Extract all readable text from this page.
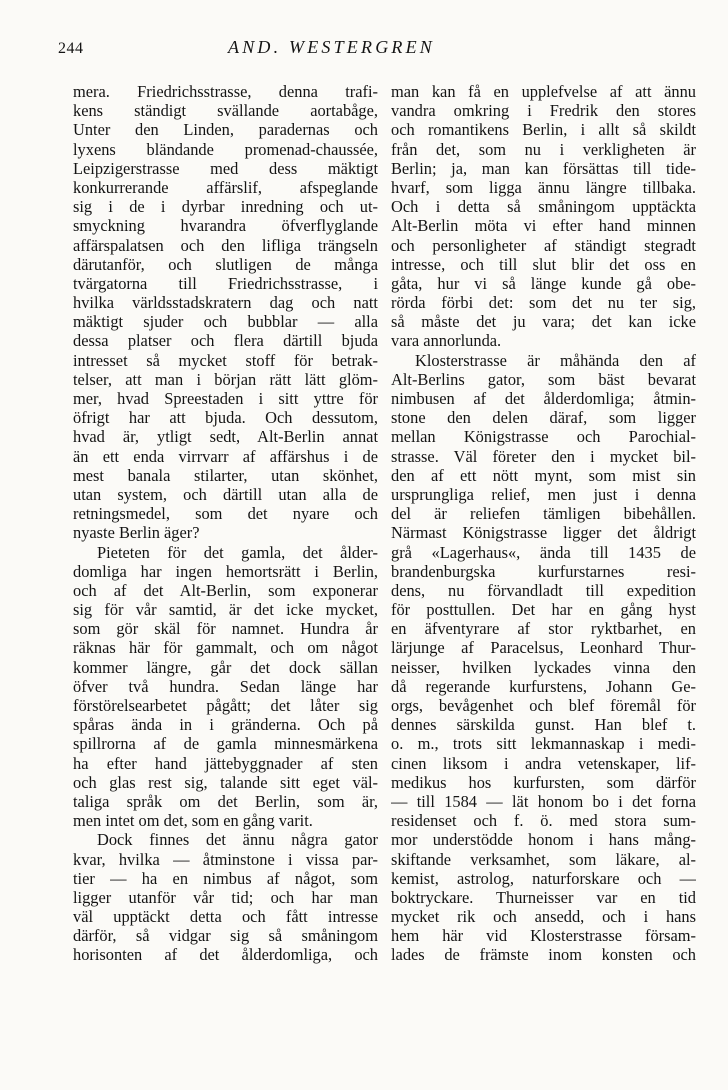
244	AND. WESTERGREN
mera. Friedrichsstrasse, denna trafi-
kens ständigt svällande aortabåge,
Unter den Linden, paradernas och
lyxens bländande promenad-chaussée,
Leipzigerstrasse med dess mäktigt
konkurrerande affärslif, afspeglande
sig i de i dyrbar inredning och ut-
smyckning hvarandra öfverflyglande
affärspalatsen och den lifliga trängseln
därutanför, och slutligen de många
tvärgatorna till Friedrichsstrasse, i
hvilka världsstadskratern dag och natt
mäktigt sjuder och bubblar — alla
dessa platser och flera därtill bjuda
intresset så mycket stoff för betrak-
telser, att man i början rätt lätt glöm-
mer, hvad Spreestaden i sitt yttre för
öfrigt har att bjuda. Och dessutom,
hvad är, ytligt sedt, Alt-Berlin annat
än ett enda virrvarr af affärshus i de
mest banala stilarter, utan skönhet,
utan system, och därtill utan alla de
retningsmedel, som det nyare och
nyaste Berlin äger?
Pieteten för det gamla, det ålder-
domliga har ingen hemortsrätt i Berlin,
och af det Alt-Berlin, som exponerar
sig för vår samtid, är det icke mycket,
som gör skäl för namnet. Hundra år
räknas här för gammalt, och om något
kommer längre, går det dock sällan
öfver två hundra. Sedan länge har
förstörelsearbetet pågått; det låter sig
spåras ända in i gränderna. Och på
spillrorna af de gamla minnesmärkena
ha efter hand jättebyggnader af sten
och glas rest sig, talande sitt eget väl-
taliga språk om det Berlin, som är,
men intet om det, som en gång varit.
Dock finnes det ännu några gator
kvar, hvilka — åtminstone i vissa par-
tier — ha en nimbus af något, som
ligger utanför vår tid; och har man
väl upptäckt detta och fått intresse
därför, så vidgar sig så småningom
horisonten af det ålderdomliga, och
man kan få en upplefvelse af att ännu
vandra omkring i Fredrik den stores
och romantikens Berlin, i allt så skildt
från det, som nu i verkligheten är
Berlin; ja, man kan försättas till tide-
hvarf, som ligga ännu längre tillbaka.
Och i detta så småningom upptäckta
Alt-Berlin möta vi efter hand minnen
och personligheter af ständigt stegradt
intresse, och till slut blir det oss en
gåta, hur vi så länge kunde gå obe-
rörda förbi det: som det nu ter sig,
så måste det ju vara; det kan icke
vara annorlunda.
Klosterstrasse är måhända den af
Alt-Berlins gator, som bäst bevarat
nimbusen af det ålderdomliga; åtmin-
stone den delen däraf, som ligger
mellan Königstrasse och Parochial-
strasse. Väl företer den i mycket bil-
den af ett nött mynt, som mist sin
ursprungliga relief, men just i denna
del är reliefen tämligen bibehållen.
Närmast Königstrasse ligger det åldrigt
grå «Lagerhaus«, ända till 1435 de
brandenburgska kurfurstarnes resi-
dens, nu förvandladt till expedition
för posttullen. Det har en gång hyst
en äfventyrare af stor ryktbarhet, en
lärjunge af Paracelsus, Leonhard Thur-
neisser, hvilken lyckades vinna den
då regerande kurfurstens, Johann Ge-
orgs, bevågenhet och blef föremål för
dennes särskilda gunst. Han blef t.
o. m., trots sitt lekmannaskap i medi-
cinen liksom i andra vetenskaper, lif-
medikus hos kurfursten, som därför
— till 1584 — lät honom bo i det forna
residenset och f. ö. med stora sum-
mor understödde honom i hans mång-
skiftande verksamhet, som läkare, al-
kemist, astrolog, naturforskare och —
boktryckare. Thurneisser var en tid
mycket rik och ansedd, och i hans
hem här vid Klosterstrasse försam-
lades de främste inom konsten och
